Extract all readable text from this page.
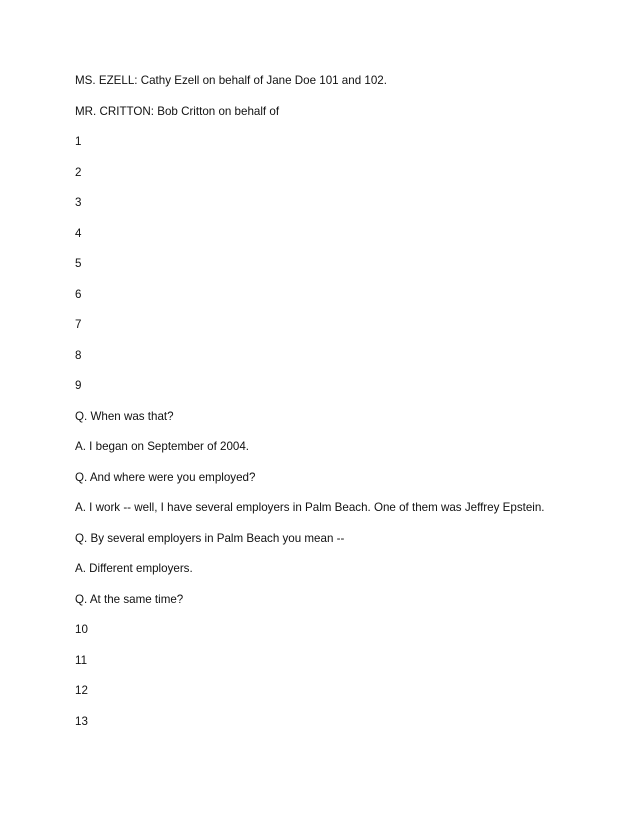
MS. EZELL: Cathy Ezell on behalf of Jane Doe 101 and 102.
MR. CRITTON: Bob Critton on behalf of
1
2
3
4
5
6
7
8
9
Q. When was that?
A. I began on September of 2004.
Q. And where were you employed?
A. I work -- well, I have several employers in Palm Beach. One of them was Jeffrey Epstein.
Q. By several employers in Palm Beach you mean --
A. Different employers.
Q. At the same time?
10
11
12
13
